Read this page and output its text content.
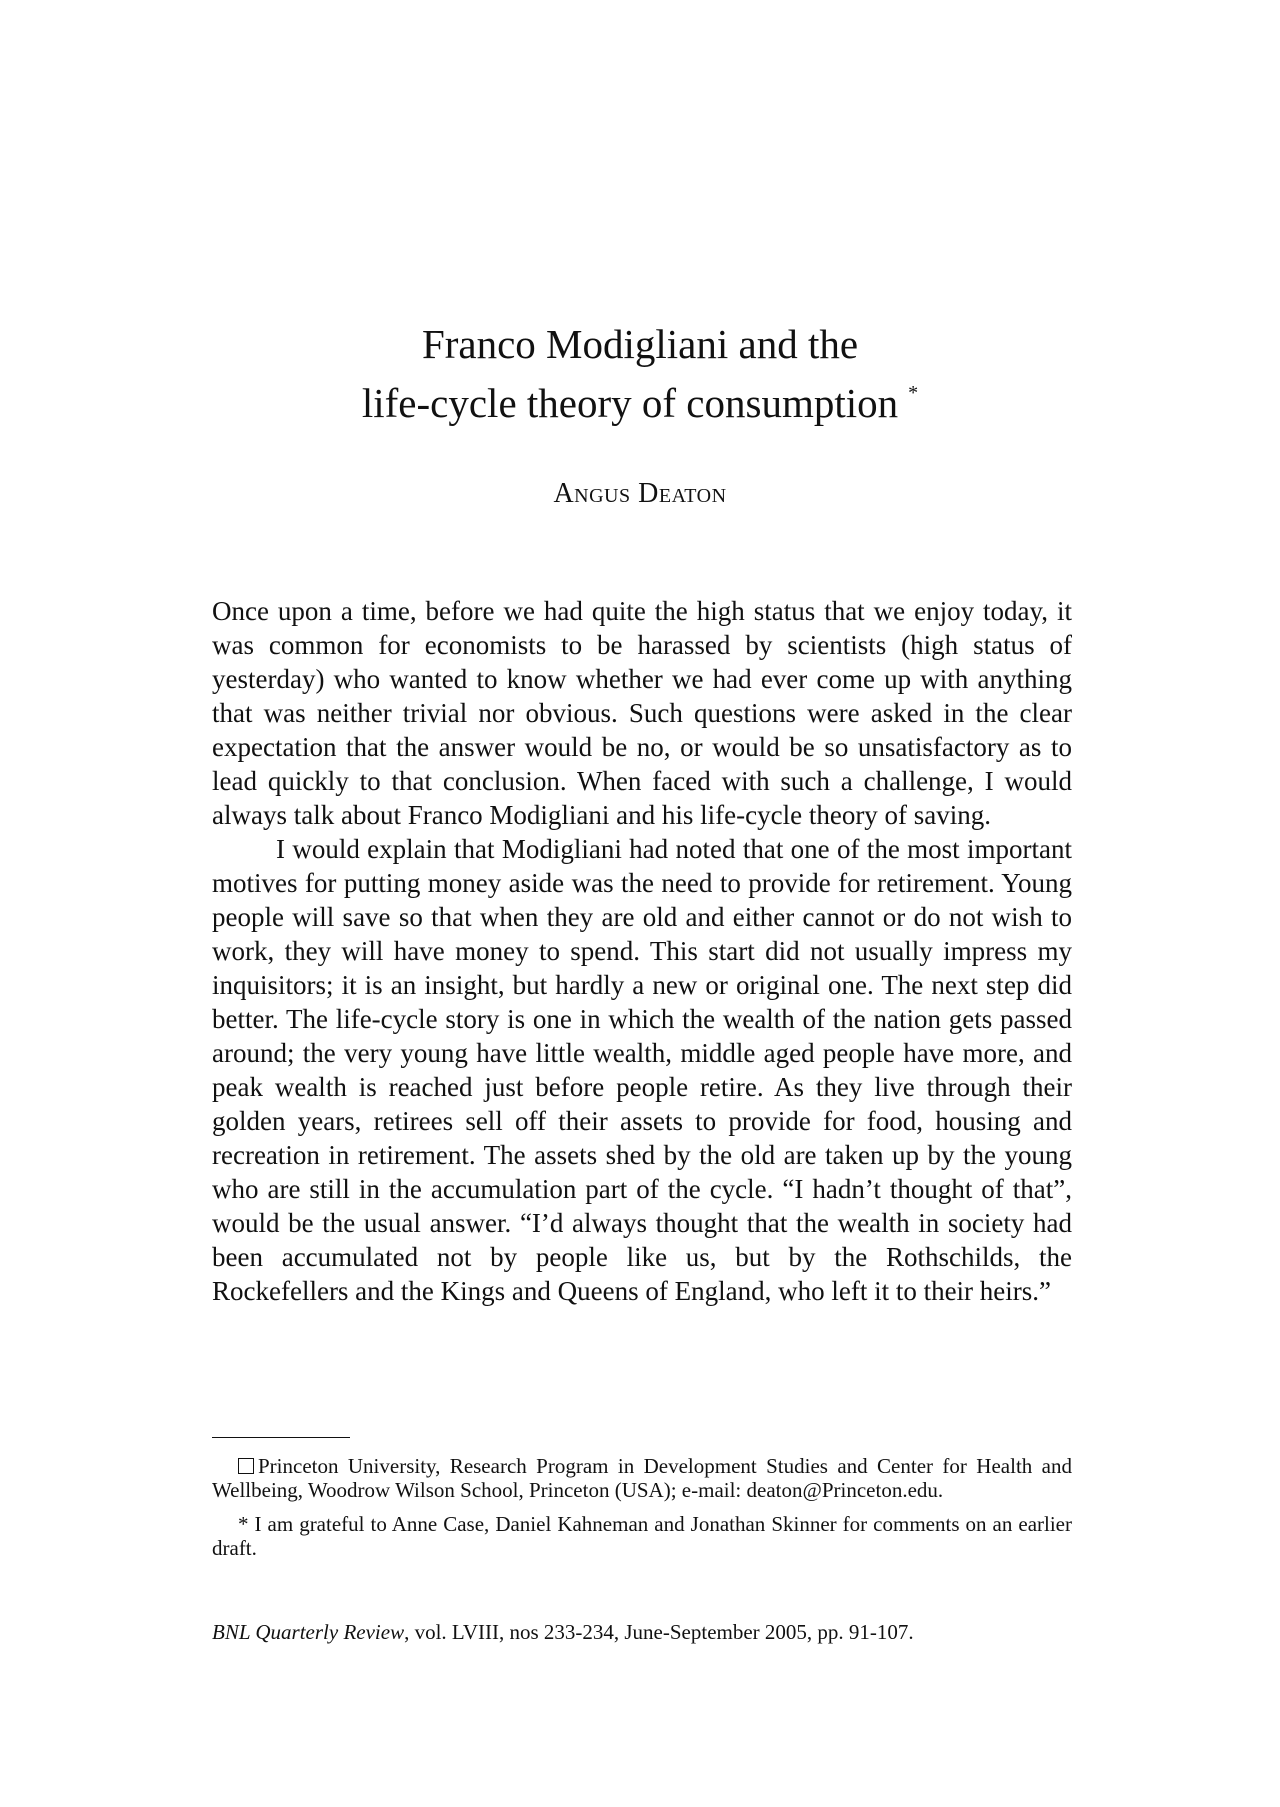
Franco Modigliani and the
life-cycle theory of consumption *
Angus Deaton

Once upon a time, before we had quite the high status that we enjoy today, it was common for economists to be harassed by scientists (high status of yesterday) who wanted to know whether we had ever come up with anything that was neither trivial nor obvious. Such questions were asked in the clear expectation that the answer would be no, or would be so unsatisfactory as to lead quickly to that conclusion. When faced with such a challenge, I would always talk about Franco Modigliani and his life-cycle theory of saving.

I would explain that Modigliani had noted that one of the most important motives for putting money aside was the need to provide for retirement. Young people will save so that when they are old and either cannot or do not wish to work, they will have money to spend. This start did not usually impress my inquisitors; it is an insight, but hardly a new or original one. The next step did better. The life-cycle story is one in which the wealth of the nation gets passed around; the very young have little wealth, middle aged people have more, and peak wealth is reached just before people retire. As they live through their golden years, retirees sell off their assets to provide for food, housing and recreation in retirement. The assets shed by the old are taken up by the young who are still in the accumulation part of the cycle. “I hadn’t thought of that”, would be the usual answer. “I’d always thought that the wealth in society had been accumulated not by people like us, but by the Rothschilds, the Rockefellers and the Kings and Queens of England, who left it to their heirs.”

Princeton University, Research Program in Development Studies and Center for Health and Wellbeing, Woodrow Wilson School, Princeton (USA); e-mail: deaton@Princeton.edu.

* I am grateful to Anne Case, Daniel Kahneman and Jonathan Skinner for comments on an earlier draft.

BNL Quarterly Review, vol. LVIII, nos 233-234, June-September 2005, pp. 91-107.
